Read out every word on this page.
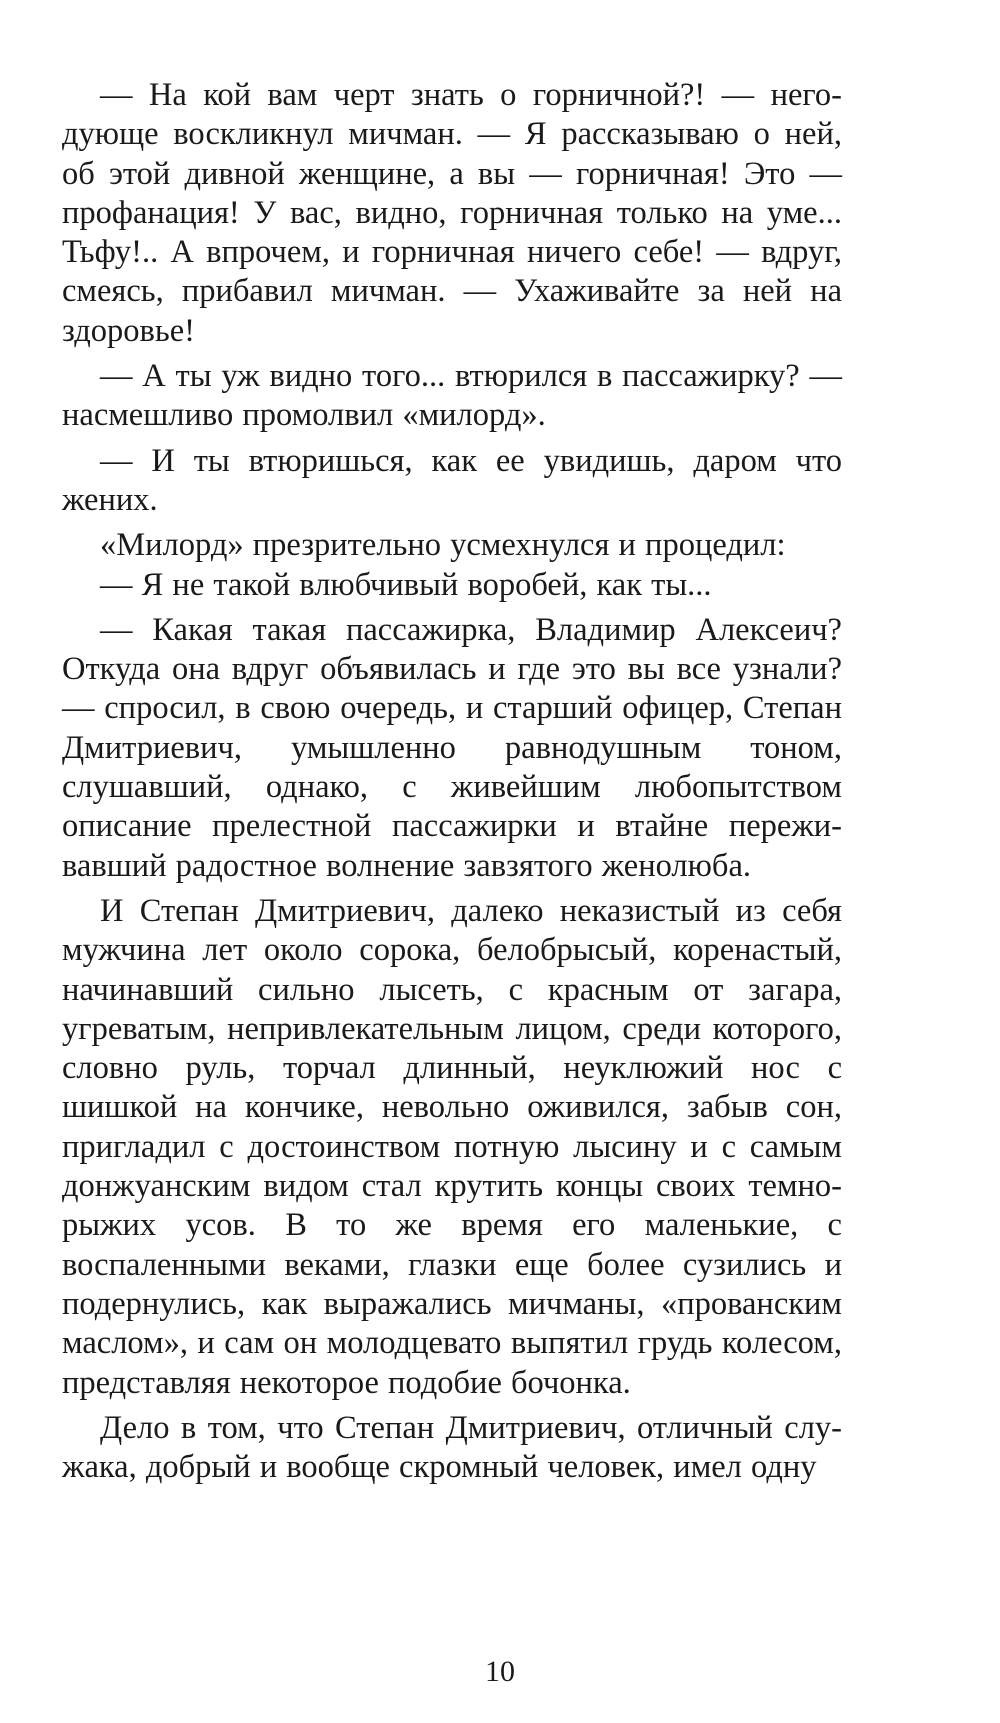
— На кой вам черт знать о горничной?! — негодующе воскликнул мичман. — Я рассказываю о ней, об этой дивной женщине, а вы — горничная! Это — профанация! У вас, видно, горничная только на уме... Тьфу!.. А впрочем, и горничная ничего себе! — вдруг, смеясь, прибавил мичман. — Ухаживайте за ней на здоровье!

— А ты уж видно того... втюрился в пассажирку? — насмешливо промолвил «милорд».

— И ты втюришься, как ее увидишь, даром что жених.

«Милорд» презрительно усмехнулся и процедил:

— Я не такой влюбчивый воробей, как ты...

— Какая такая пассажирка, Владимир Алексеич? Откуда она вдруг объявилась и где это вы все узнали? — спросил, в свою очередь, и старший офицер, Степан Дмитриевич, умышленно равнодушным тоном, слушавший, однако, с живейшим любопытством описание прелестной пассажирки и втайне переживавший радостное волнение завзятого женолюба.

И Степан Дмитриевич, далеко неказистый из себя мужчина лет около сорока, белобрысый, коренастый, начинавший сильно лысеть, с красным от загара, угреватым, непривлекательным лицом, среди которого, словно руль, торчал длинный, неуклюжий нос с шишкой на кончике, невольно оживился, забыв сон, пригладил с достоинством потную лысину и с самым донжуанским видом стал крутить концы своих темно-рыжих усов. В то же время его маленькие, с воспаленными веками, глазки еще более сузились и подернулись, как выражались мичманы, «прованским маслом», и сам он молодцевато выпятил грудь колесом, представляя некоторое подобие бочонка.

Дело в том, что Степан Дмитриевич, отличный служака, добрый и вообще скромный человек, имел одну

10
